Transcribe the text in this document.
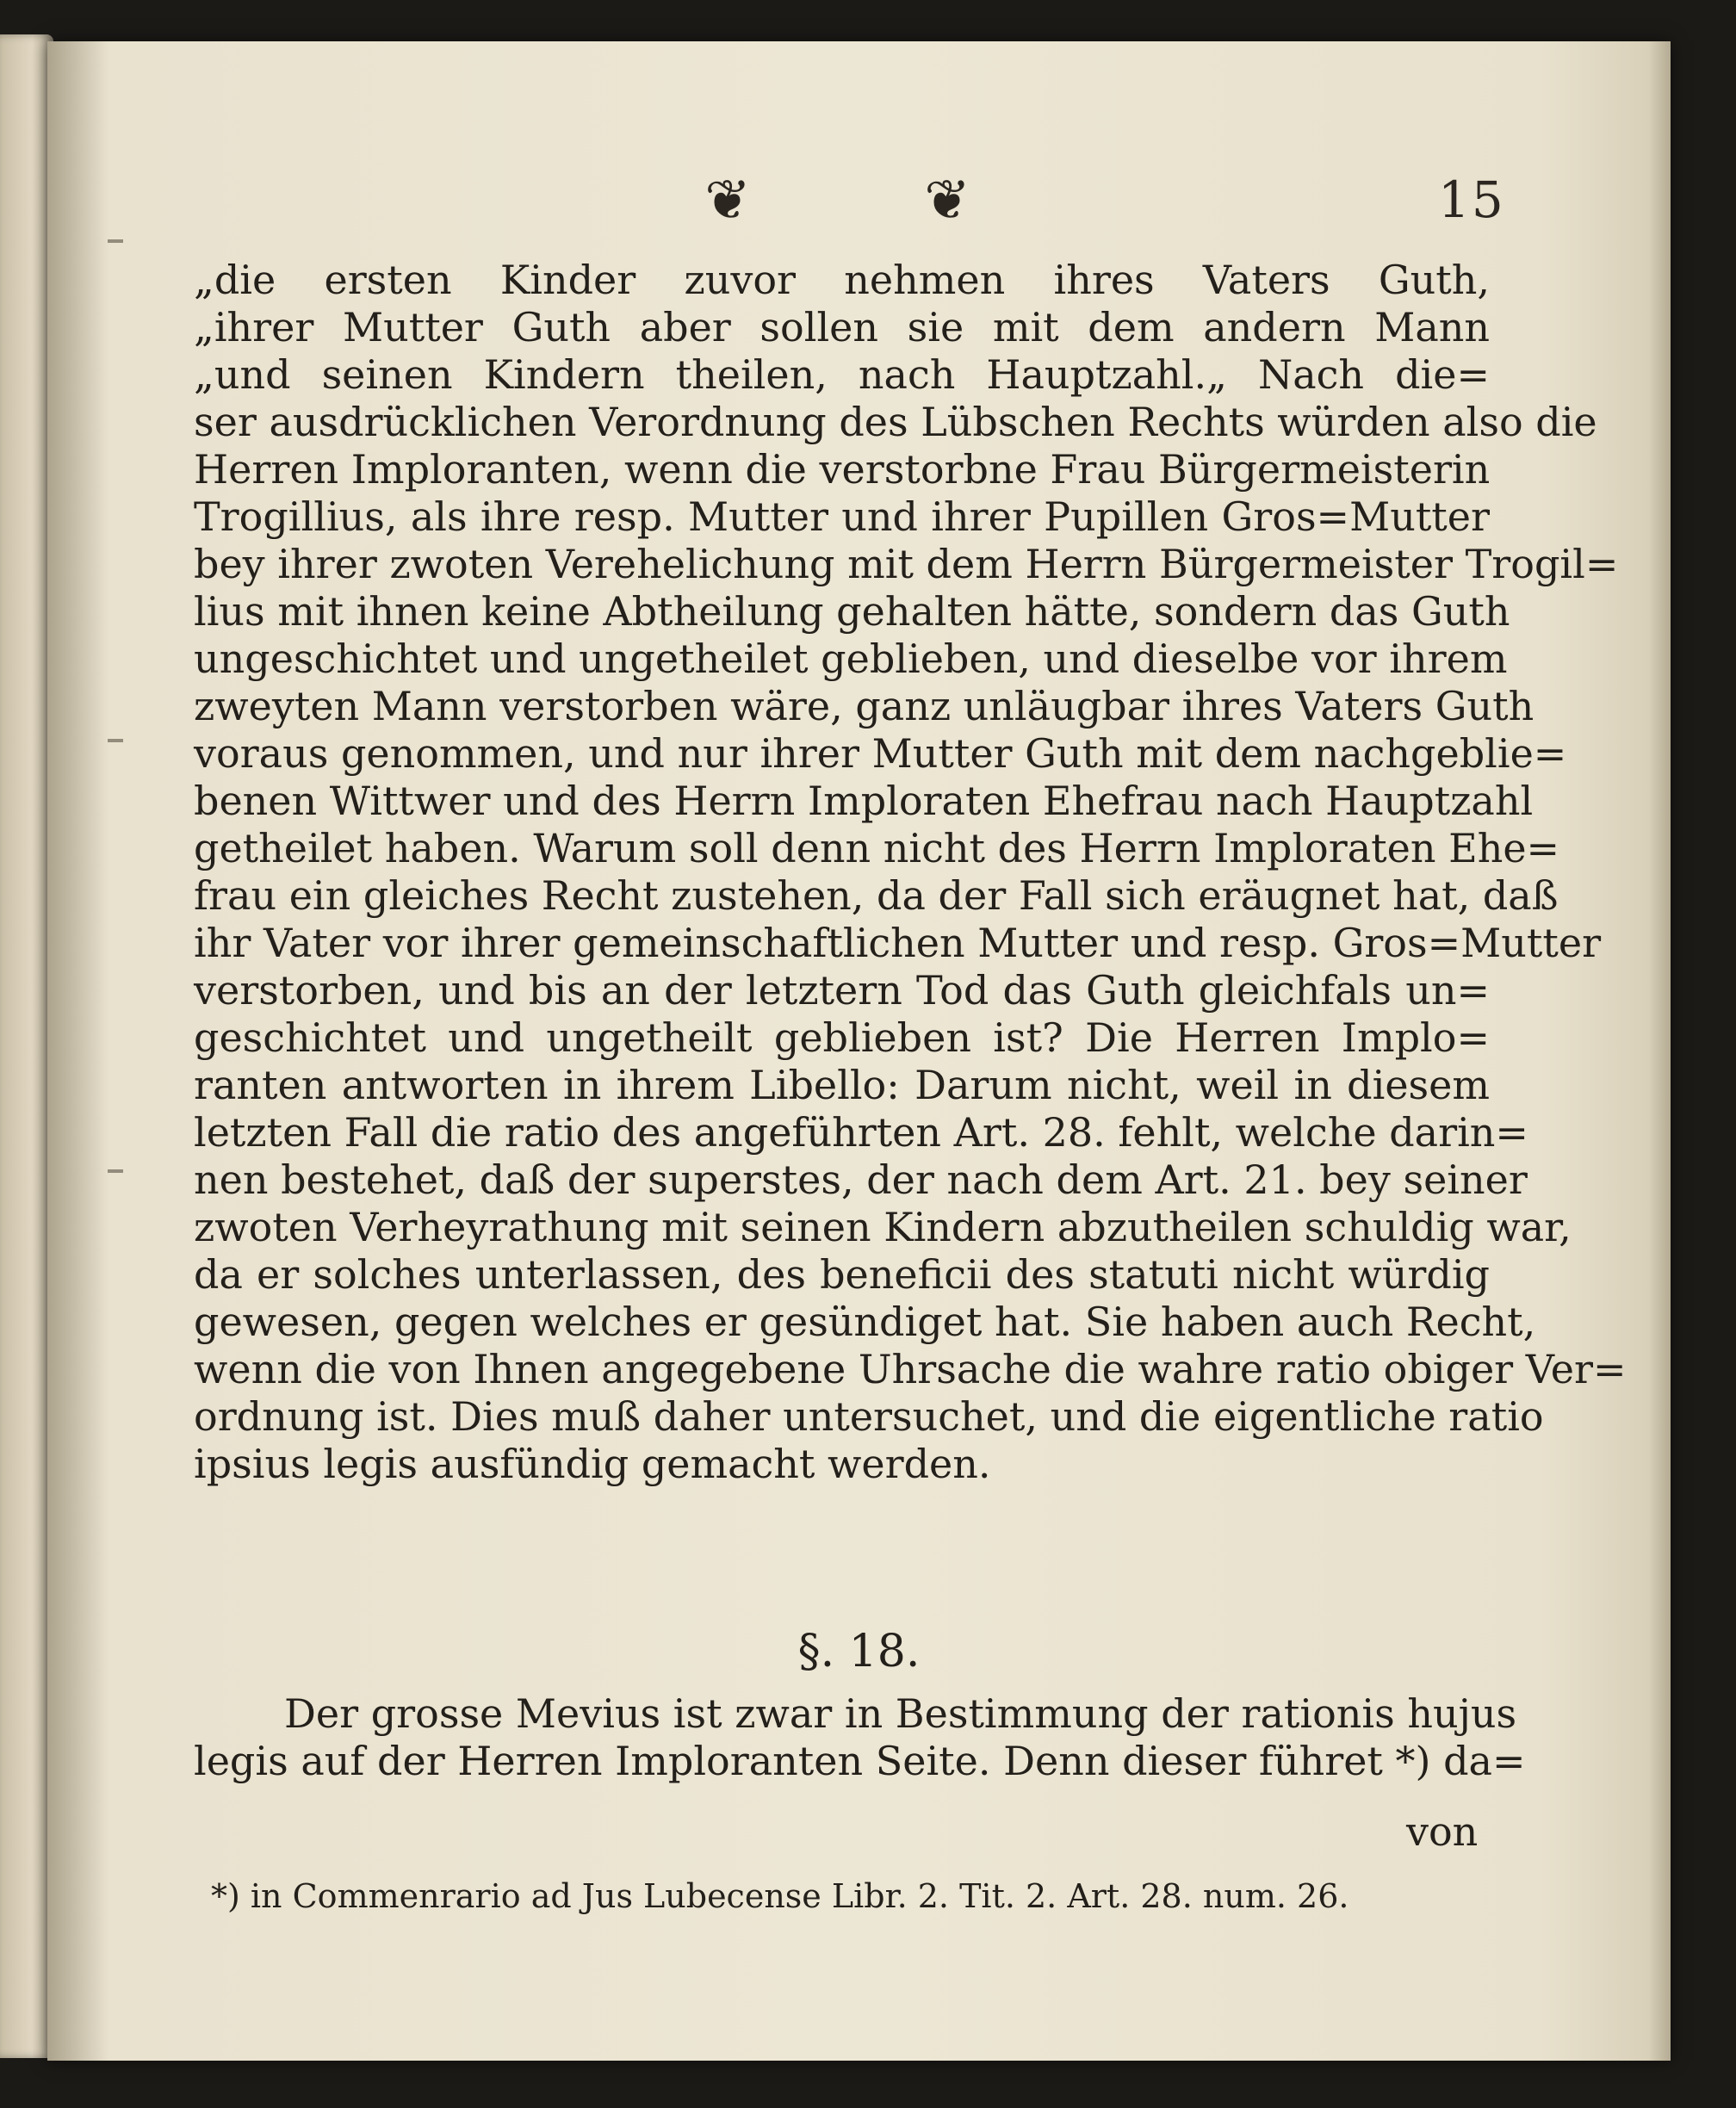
❦	❦	15
„die ersten Kinder zuvor nehmen ihres Vaters Guth,
„ihrer Mutter Guth aber sollen sie mit dem andern Mann
„und seinen Kindern theilen, nach Hauptzahl.„ Nach die=
ser ausdrücklichen Verordnung des Lübschen Rechts würden also die
Herren Imploranten, wenn die verstorbne Frau Bürgermeisterin
Trogillius, als ihre resp. Mutter und ihrer Pupillen Gros=Mutter
bey ihrer zwoten Verehelichung mit dem Herrn Bürgermeister Trogil=
lius mit ihnen keine Abtheilung gehalten hätte, sondern das Guth
ungeschichtet und ungetheilet geblieben, und dieselbe vor ihrem
zweyten Mann verstorben wäre, ganz unläugbar ihres Vaters Guth
voraus genommen, und nur ihrer Mutter Guth mit dem nachgeblie=
benen Wittwer und des Herrn Imploraten Ehefrau nach Hauptzahl
getheilet haben. Warum soll denn nicht des Herrn Imploraten Ehe=
frau ein gleiches Recht zustehen, da der Fall sich eräugnet hat, daß
ihr Vater vor ihrer gemeinschaftlichen Mutter und resp. Gros=Mutter
verstorben, und bis an der letztern Tod das Guth gleichfals un=
geschichtet und ungetheilt geblieben ist? Die Herren Implo=
ranten antworten in ihrem Libello: Darum nicht, weil in diesem
letzten Fall die ratio des angeführten Art. 28. fehlt, welche darin=
nen bestehet, daß der superstes, der nach dem Art. 21. bey seiner
zwoten Verheyrathung mit seinen Kindern abzutheilen schuldig war,
da er solches unterlassen, des beneficii des statuti nicht würdig
gewesen, gegen welches er gesündiget hat. Sie haben auch Recht,
wenn die von Ihnen angegebene Uhrsache die wahre ratio obiger Ver=
ordnung ist. Dies muß daher untersuchet, und die eigentliche ratio
ipsius legis ausfündig gemacht werden.
§. 18.
Der grosse Mevius ist zwar in Bestimmung der rationis hujus
legis auf der Herren Imploranten Seite. Denn dieser führet *) da=
von
*) in Commenrario ad Jus Lubecense Libr. 2. Tit. 2. Art. 28. num. 26.
